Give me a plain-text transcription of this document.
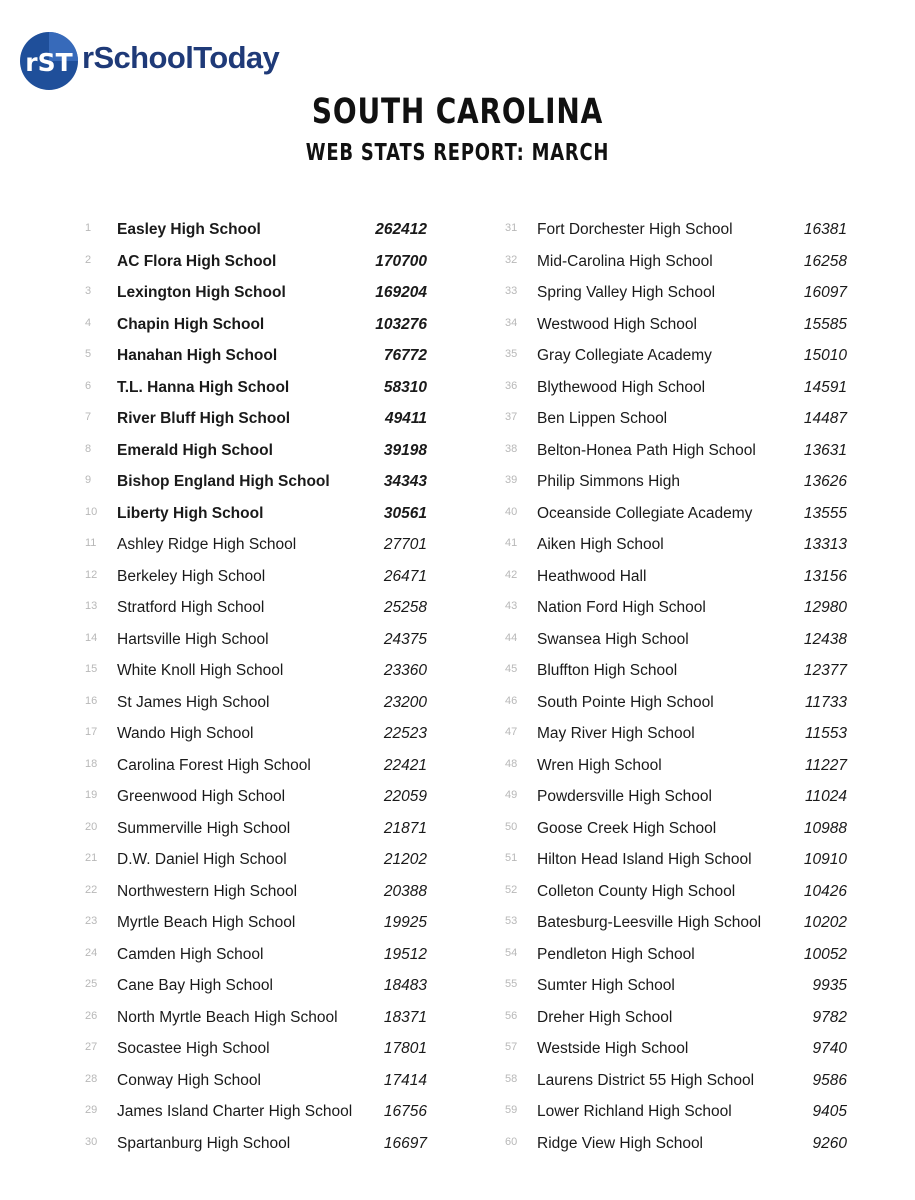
rST rSchoolToday
SOUTH CAROLINA
WEB STATS REPORT: MARCH
1 Easley High School	262412
2 AC Flora High School	170700
3 Lexington High School	169204
4 Chapin High School	103276
5 Hanahan High School	76772
6 T.L. Hanna High School	58310
7 River Bluff High School	49411
8 Emerald High School	39198
9 Bishop England High School	34343
10 Liberty High School	30561
11 Ashley Ridge High School	27701
12 Berkeley High School	26471
13 Stratford High School	25258
14 Hartsville High School	24375
15 White Knoll High School	23360
16 St James High School	23200
17 Wando High School	22523
18 Carolina Forest High School	22421
19 Greenwood High School	22059
20 Summerville High School	21871
21 D.W. Daniel High School	21202
22 Northwestern High School	20388
23 Myrtle Beach High School	19925
24 Camden High School	19512
25 Cane Bay High School	18483
26 North Myrtle Beach High School	18371
27 Socastee High School	17801
28 Conway High School	17414
29 James Island Charter High School 16756
30 Spartanburg High School	16697
31 Fort Dorchester High School	16381
32 Mid-Carolina High School	16258
33 Spring Valley High School	16097
34 Westwood High School	15585
35 Gray Collegiate Academy	15010
36 Blythewood High School	14591
37 Ben Lippen School	14487
38 Belton-Honea Path High School	13631
39 Philip Simmons High	13626
40 Oceanside Collegiate Academy	13555
41 Aiken High School	13313
42 Heathwood Hall	13156
43 Nation Ford High School	12980
44 Swansea High School	12438
45 Bluffton High School	12377
46 South Pointe High School	11733
47 May River High School	11553
48 Wren High School	11227
49 Powdersville High School	11024
50 Goose Creek High School	10988
51 Hilton Head Island High School	10910
52 Colleton County High School	10426
53 Batesburg-Leesville High School	10202
54 Pendleton High School	10052
55 Sumter High School	9935
56 Dreher High School	9782
57 Westside High School	9740
58 Laurens District 55 High School	9586
59 Lower Richland High School	9405
60 Ridge View High School	9260
